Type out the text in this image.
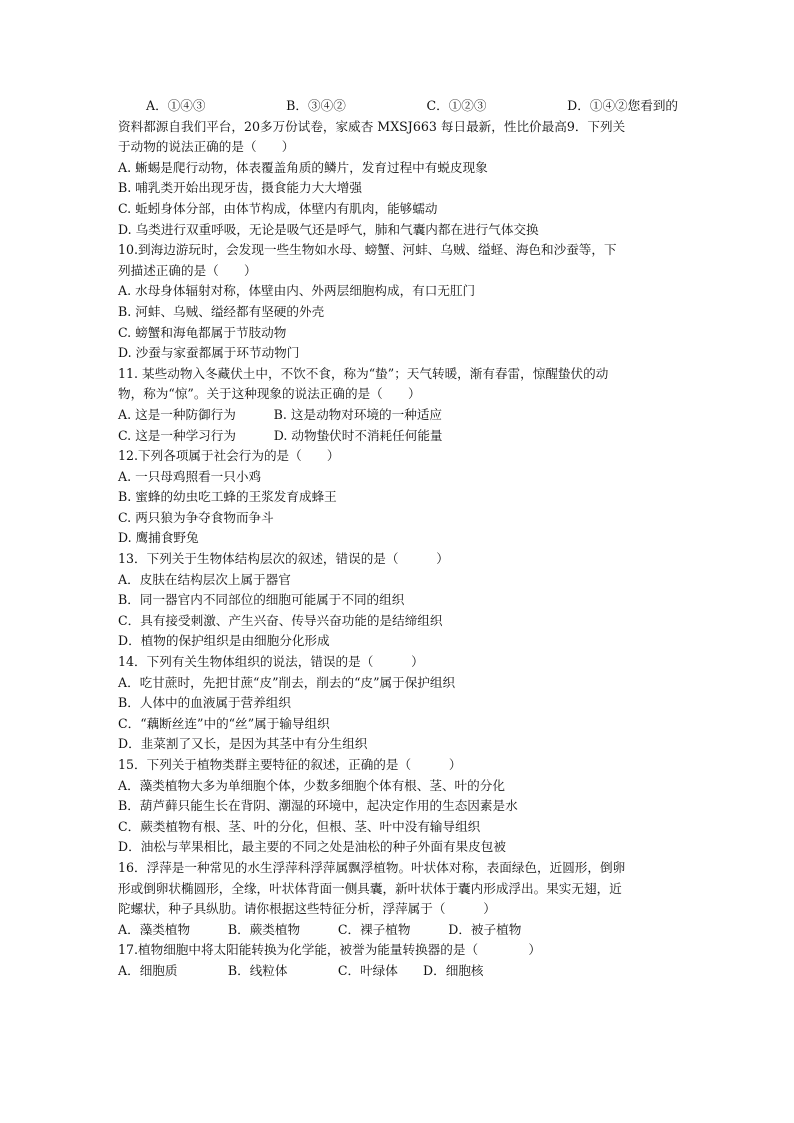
A．①④③	B．③④②	C．①②③	D．①④② 您看到的
资料都源自我们平台，20多万份试卷，家威杏 MXSJ663 每日最新，性比价最高9．下列关
于动物的说法正确的是（　　）
A. 蜥蜴是爬行动物，体表覆盖角质的鳞片，发育过程中有蜕皮现象
B. 哺乳类开始出现牙齿，摄食能力大大增强
C. 蚯蚓身体分部，由体节构成，体壁内有肌肉，能够蠕动
D. 乌类进行双重呼吸，无论是吸气还是呼气，肺和气囊内都在进行气体交换
10.到海边游玩时，会发现一些生物如水母、螃蟹、河蚌、乌贼、缢蛏、海色和沙蚕等，下
列描述正确的是（　　）
A. 水母身体辐射对称，体壁由内、外两层细胞构成，有口无肛门
B. 河蚌、乌贼、缢经都有坚硬的外壳
C. 螃蟹和海龟都属于节肢动物
D. 沙蚕与家蚕都属于环节动物门
11. 某些动物入冬藏伏土中，不饮不食，称为“蛰”；天气转暖，渐有春雷，惊醒蛰伏的动
物，称为“惊”。关于这种现象的说法正确的是（　　）
A. 这是一种防御行为　　　B. 这是动物对环境的一种适应
C. 这是一种学习行为　　　D. 动物蛰伏时不消耗任何能量
12.下列各项属于社会行为的是（　　）
A. 一只母鸡照看一只小鸡
B. 蜜蜂的幼虫吃工蜂的王浆发育成蜂王
C. 两只狼为争夺食物而争斗
D. 鹰捕食野兔
13．下列关于生物体结构层次的叙述，错误的是（　　　）
A．皮肤在结构层次上属于器官
B．同一器官内不同部位的细胞可能属于不同的组织
C．具有接受刺激、产生兴奋、传导兴奋功能的是结缔组织
D．植物的保护组织是由细胞分化形成
14．下列有关生物体组织的说法，错误的是（　　　）
A．吃甘蔗时，先把甘蔗“皮”削去，削去的“皮”属于保护组织
B．人体中的血液属于营养组织
C．“藕断丝连”中的“丝”属于输导组织
D．韭菜割了又长，是因为其茎中有分生组织
15．下列关于植物类群主要特征的叙述，正确的是（　　　）
A．藻类植物大多为单细胞个体，少数多细胞个体有根、茎、叶的分化
B．葫芦藓只能生长在背阴、潮湿的环境中，起决定作用的生态因素是水
C．蕨类植物有根、茎、叶的分化，但根、茎、叶中没有输导组织
D．油松与苹果相比，最主要的不同之处是油松的种子外面有果皮包被
16．浮萍是一种常见的水生浮萍科浮萍属飘浮植物。叶状体对称，表面绿色，近圆形，倒卵
形或倒卵状椭圆形，全缘，叶状体背面一侧具囊，新叶状体于囊内形成浮出。果实无翅，近
陀螺状，种子具纵肋。请你根据这些特征分析，浮萍属于（　　　）
A．藻类植物　　　B．蕨类植物　　　C．裸子植物　　　D．被子植物
17.植物细胞中将太阳能转换为化学能，被誉为能量转换器的是（　　　　）
A．细胞质　　　　B．线粒体　　　　C．叶绿体　　D．细胞核
